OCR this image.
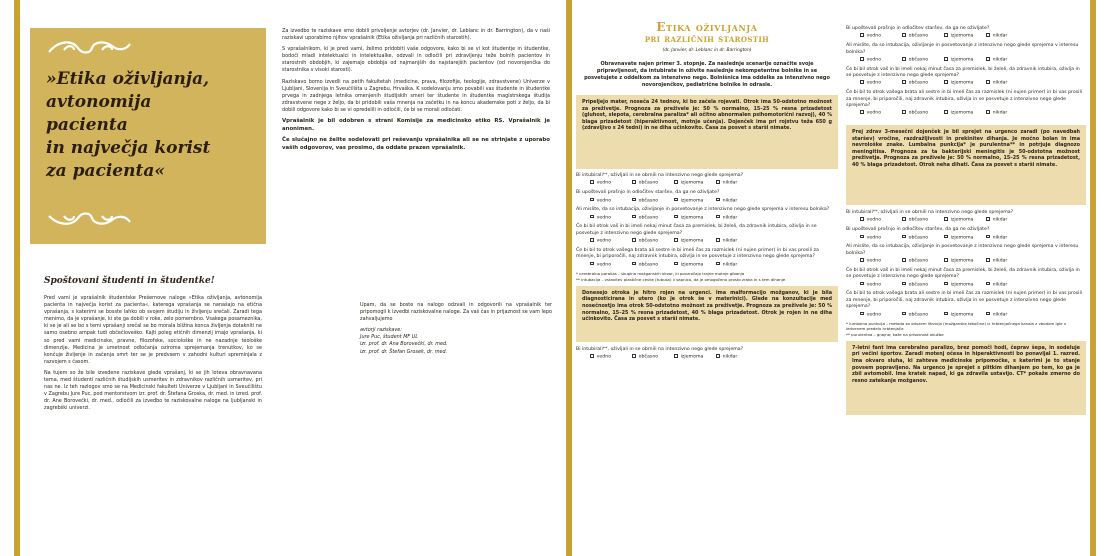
»Etika oživljanja,
avtonomija
pacienta
in največja korist
za pacienta«
Spoštovani študenti in študentke!

Pred vami je vprašalnik študentske Prešernove naloge »Etika oživljanja, avtonomija pacienta in največja korist za pacienta«, katerega vprašanja se nanašajo na etična vprašanja, s katerimi se bosste lahko ob svojem študiju in življenju srečali. Zaradi tega menimo, da je vprašanje, ki ste ga dobili v roke, zelo pomembno. Vsakega posameznika, ki se je ali se bo s temi vprašanji srečal se bo morala bližina konca življenja dotakniti ne samo osebno ampak tudi občečloveško. Kajti poleg etičnih dimenzij imajo vprašanja, ki so pred vami medicinske, pravne, filozofske, sociološke in ne nazadnje teološke dimenzije. Medicina je umetnost odločanja oziroma sprejemanja trenutkov, ko se končuje življenje in začenja smrt ter se je predvsem v zahodni kulturi spreminjala z razvojem s časom.

Na tujem so že bile izvedene raziskave glede vprašanj, ki se jih loteva obravnavana tema, med študenti različnih študijskih usmeritev in zdravnikov različnih usmeritev, pri nas ne. Iz teh razlogov smo se na Medicinski fakulteti Univerze v Ljubljani in Sveučilištu v Zagrebu Jure Puc, pod mentorstvom izr. prof. dr. Štefana Groska, dr. med. in izred. prof. dr. Ane Borovečki, dr. med., odločili za izvedbo te raziskovalne naloge na ljubljanski in zagrebški univerzi.

Za izvedbo te raziskave smo dobili privoljenje avtorjev (dr. Janvier, dr. Leblanc in dr. Barrington), da v naši raziskavi uporabimo njihov vprašalnik (Etika oživljanja pri različnih starostih).

S vprašalnikom, ki je pred vami, želimo pridobiti vaše odgovore, kako bi se vi kot študentje in študentke, bodoči mladi intelektualci in intelektualke, odzvali in odločili pri zdravljenju teže bolnih pacientov in starostnih obdobjih, ki zajemajo obdobja od najmanjših do najstarejših pacientov (od novorojenčka do starostnika v visoki starosti).

Raziskavo bomo izvedli na petih fakultetah (medicine, prava, filozofije, teologije, zdravstvene) Univerze v Ljubljani, Slovenija in Sveučilišta u Zagrebu, Hrvaška. K sodelovanju smo povabili vas študente in študentke prvega in zadnjega letnika omenjenih študijskih smeri ter študente in študentke magistrskega študija zdravstvene nege z željo, da bi pridobili vaša mnenja na začetku in na koncu akademske poti z željo, da bi dobili odgovore kako bi se vi opredelili in odločili, če bi se morali odločati.

Vprašalnik je bil odobren s strani Komisije za medicinsko etiko RS. Vprašalnik je anonimen.

Če slučajno ne želite sodelovati pri reševanju vprašalnika ali se ne strinjate z uporabo vaših odgovorov, vas prosimo, da oddate prazen vprašalnik.

Upam, da se boste na nalogo odzvali in odgovorili na vprašalnik ter pripomogli k izvedbi raziskovalne naloge. Za vaš čas in prijaznost se vam lepo zahvaljujemo

avtorji raziskave:
Jure Puc, študent MF UL
izr. prof. dr. Ana Borovečki, dr. med.
izr. prof. dr. Štefan Grosek, dr. med.
Etika oživljanja
pri različnih starostih
(dr. Janvier, dr. Leblanc in dr. Barrington)
Obravnavate najen primer 3. stopnje. Za naslednje scenarije označite svoje pripravljenost, da intubirate in oživite naslednje nekompetentne bolnike in se posvetujete z oddelkom za intenzivno nego. Bolnišnica ima oddelke za intenzivno nego novorojenčkov, pediatrične bolnike in odrasle.
Pripeljejo mater, noseča 24 tednov, ki bo začela rojevati. Otrok ima 50-odstotno možnost za preživetje. Prognoza za preživele je: 50 % normalno, 15–25 % resna prizadetost (gluhost, slepota, cerebralna paraliza* ali očitno abnormalen psihomotorični razvoj), 40 % blaga prizadetost (hiperaktivnost, motnje učenja). Dojenček ima pri rojstvu teža 650 g (zdravljivo s 24 tedni) in ne diha učinkovito. Časa za posvet s starši nimate.
Bi intubirali**, oživljali in se obrnili na intenzivno nego glede sprejema?
vedno	občasno	izjemoma	nikdar
Bi upoštevali prošnjo in odločitev staršev, da ga ne oživljate?
vedno	občasno	izjemoma	nikdar
Ali mislite, da so intubacija, oživljanje in posvetovanje z intenzivno nego glede sprejema v interesu bolnika?
vedno	občasno	izjemoma	nikdar
Če bi bil otrok vaš in bi imeli nekaj minut časa za premislek, bi želeli, da zdravnik intubira, oživlja in se posvetuje z intenzivno nego glede sprejema?
vedno	občasno	izjemoma	nikdar
Če bi bil to otrok vašega brata ali sestre in bi imeli čas za razmislek (ni nujen primer) in bi vas prosili za mnenje, bi priporočili, naj zdravnik intubira, oživlja in se posvetuje z intenzivno nego glede sprejema?
vedno	občasno	izjemoma	nikdar
* cerebralna paraliza – skupina možganskih okvar, ki povzročajo trajne motnje gibanja
** intubacija – vstavitev plastične cevke (tubusa) v sapnico, da je omogočeno prosto zraka in s tem dihanje
Donesejo otroka je hitro rojen na urgenci. Ima malformacijo možganov, ki je bila diagnosticirana in utero (ko je otrok še v materinici). Glede na konzultacije med nosečnostjo ima otrok 50-odstotno možnost za preživetje. Prognoza za preživele je: 50 % normalno, 15–25 % resna prizadetost, 40 % blaga prizadetost. Otrok je rojen in ne diha učinkovito. Časa za posvet s starši nimate.
Bi intubirali**, oživljali in se obrnili na intenzivno nego glede sprejema?
vedno	občasno	izjemoma	nikdar
Bi upoštevali prošnjo in odločitev staršev, da ga ne oživljate?
vedno	občasno	izjemoma	nikdar
Ali mislite, da so intubacija, oživljanje in posvetovanje z intenzivno nego glede sprejema v interesu bolnika?
vedno	občasno	izjemoma	nikdar
Če bi bil otrok vaš in bi imeli nekaj minut časa za premislek, bi želeli, da zdravnik intubira, oživlja in se posvetuje z intenzivno nego glede sprejema?
vedno	občasno	izjemoma	nikdar
Če bi bil to otrok vašega brata ali sestre in bi imeli čas za razmislek (ni nujen primer) in bi vas prosili za mnenje, bi priporočili, naj zdravnik intubira, oživlja in se posvetuje z intenzivno nego glede sprejema?
vedno	občasno	izjemoma	nikdar
Prej zdrav 3-mesečni dojenček je bil sprejet na urgenco zaradi (po navedbah staršev) vročine, razdražljivosti in prekinitev dihanja. Je močno bolan in ima nevrološke znake. Lumbalna punkcija* je purulentna** in potrjuje diagnozo meningitisa. Prognoza za ta bakterijski meningitis je 50-odstotna možnost preživetja. Prognoza za preživele je: 50 % normalno, 15–25 % resna prizadetost, 40 % blaga prizadetost. Otrok neha dihati. Časa za posvet s starši nimate.
Bi intubirali**, oživljali in se obrnili na intenzivno nego glede sprejema?
vedno	občasno	izjemoma	nikdar
Bi upoštevali prošnjo in odločitev staršev, da ga ne oživljate?
vedno	občasno	izjemoma	nikdar
Ali mislite, da so intubacija, oživljanje in posvetovanje z intenzivno nego glede sprejema v interesu bolnika?
vedno	občasno	izjemoma	nikdar
Če bi bil otrok vaš in bi imeli nekaj minut časa za premislek, bi želeli, da zdravnik intubira, oživlja in se posvetuje z intenzivno nego glede sprejema?
vedno	občasno	izjemoma	nikdar
Če bi bil to otrok vašega brata ali sestre in bi imeli čas za razmislek (ni nujen primer) in bi vas prosili za mnenje, bi priporočili, naj zdravnik intubira, oživlja in se posvetuje z intenzivno nego glede sprejema?
vedno	občasno	izjemoma	nikdar
* lumbalna punkcija – metoda za odvzem likvorja (možganske tekočine) iz hrbtenjačnega kanala z vbodom igle v ledvenem predelu hrbtenjače
** purulentna – gnojna; kaže na prisotnost okužbe
7-letni fant ima cerebralno paralizo, brez pomoči hodi, čeprav šepa, in sodeluje pri večini športov. Zaradi motenj očesa in hiperaktivnosti bo ponavljal 1. razred. Ima okvaro sluha, ki zahteva medicinske pripomočke, s katerimi je to stanje povsem popravljeno. Na urgenco je sprejet s plitkim dihanjem po tem, ko ga je zbil avtomobil. Ima kratek napad, ki ga zdravila ustavijo. CT* pokaže zmerno do resno zatekanje možganov.
